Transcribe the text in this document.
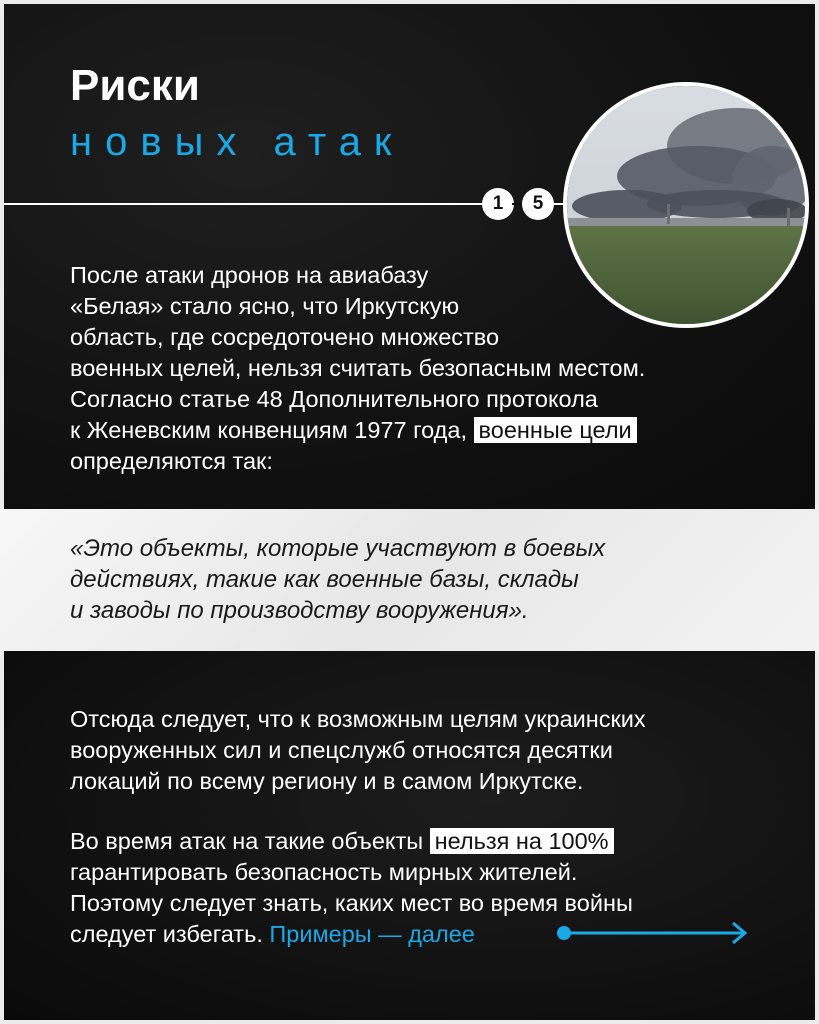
Риски
новых атак
1	5

После атаки дронов на авиабазу
«Белая» стало ясно, что Иркутскую
область, где сосредоточено множество
военных целей, нельзя считать безопасным местом.
Согласно статье 48 Дополнительного протокола
к Женевским конвенциям 1977 года, военные цели
определяются так:

«Это объекты, которые участвуют в боевых
действиях, такие как военные базы, склады
и заводы по производству вооружения».

Отсюда следует, что к возможным целям украинских
вооруженных сил и спецслужб относятся десятки
локаций по всему региону и в самом Иркутске.

Во время атак на такие объекты нельзя на 100%
гарантировать безопасность мирных жителей.
Поэтому следует знать, каких мест во время войны
следует избегать. Примеры — далее
